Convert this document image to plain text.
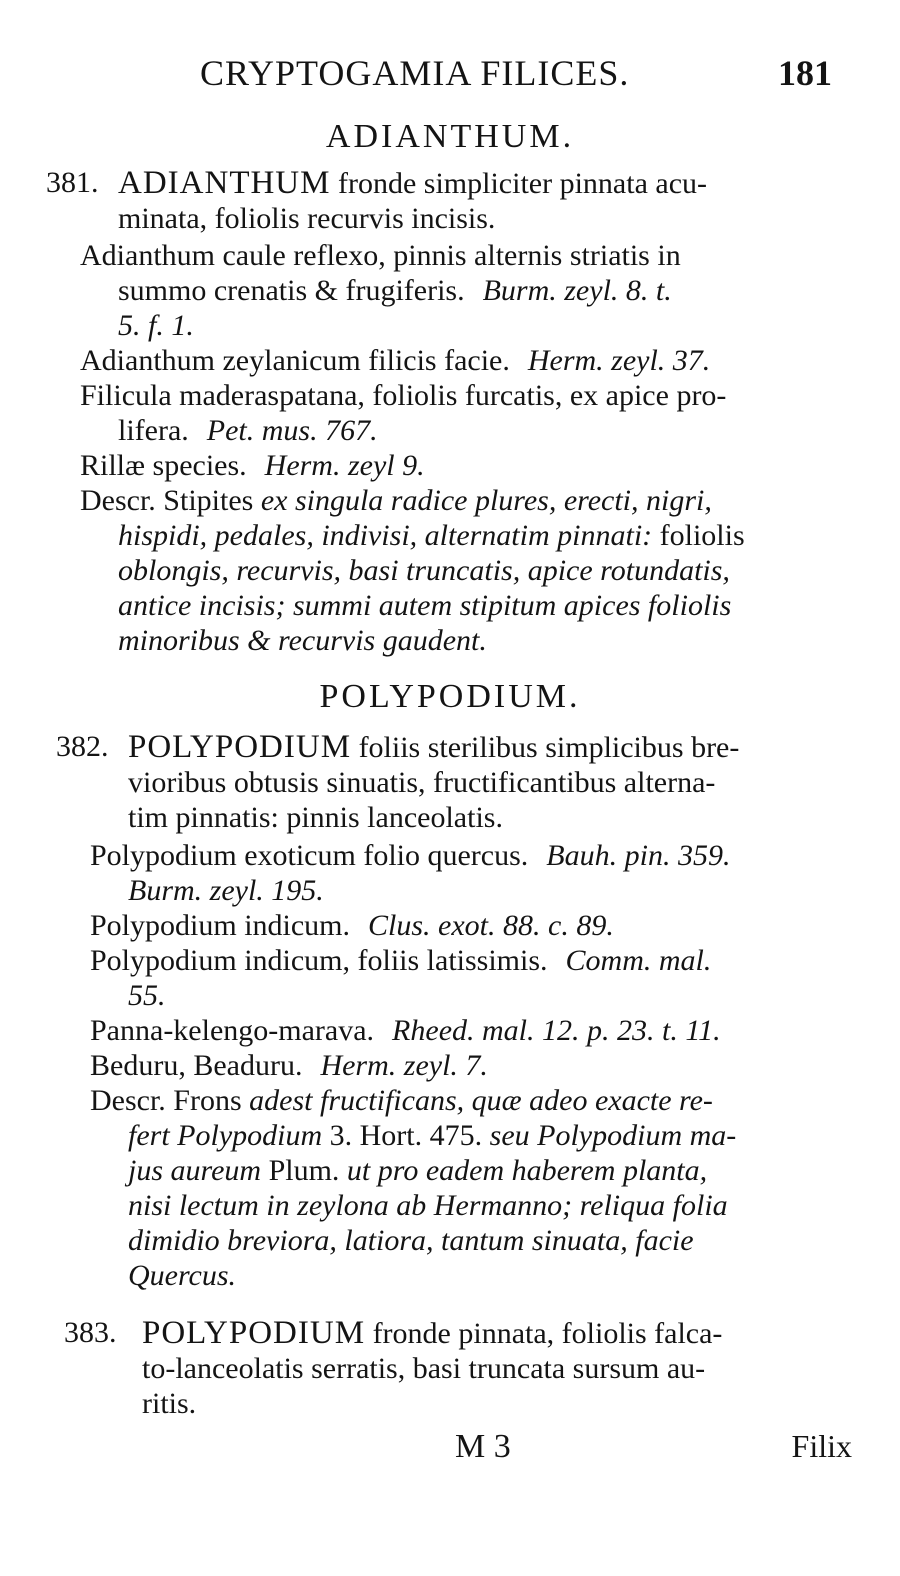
CRYPTOGAMIA FILICES.	181
ADIANTHUM.
381. ADIANTHUM fronde simpliciter pinnata acu-
minata, foliolis recurvis incisis.
Adianthum caule reflexo, pinnis alternis striatis in
summo crenatis & frugiferis. Burm. zeyl. 8. t.
5. f. 1.
Adianthum zeylanicum filicis facie. Herm. zeyl. 37.
Filicula maderaspatana, foliolis furcatis, ex apice pro-
lifera. Pet. mus. 767.
Rillæ species. Herm. zeyl 9.
Descr. Stipites ex singula radice plures, erecti, nigri,
hispidi, pedales, indivisi, alternatim pinnati: foliolis
oblongis, recurvis, basi truncatis, apice rotundatis,
antice incisis; summi autem stipitum apices foliolis
minoribus & recurvis gaudent.
POLYPODIUM.
382. POLYPODIUM foliis sterilibus simplicibus bre-
vioribus obtusis sinuatis, fructificantibus alterna-
tim pinnatis: pinnis lanceolatis.
Polypodium exoticum folio quercus. Bauh. pin. 359.
Burm. zeyl. 195.
Polypodium indicum. Clus. exot. 88. c. 89.
Polypodium indicum, foliis latissimis. Comm. mal.
55.
Panna-kelengo-marava. Rheed. mal. 12. p. 23. t. 11.
Beduru, Beaduru. Herm. zeyl. 7.
Descr. Frons adest fructificans, quæ adeo exacte re-
fert Polypodium 3. Hort. 475. seu Polypodium ma-
jus aureum Plum. ut pro eadem haberem planta,
nisi lectum in zeylona ab Hermanno; reliqua folia
dimidio breviora, latiora, tantum sinuata, facie
Quercus.
383. POLYPODIUM fronde pinnata, foliolis falca-
to-lanceolatis serratis, basi truncata sursum au-
ritis.
M 3	Filix
